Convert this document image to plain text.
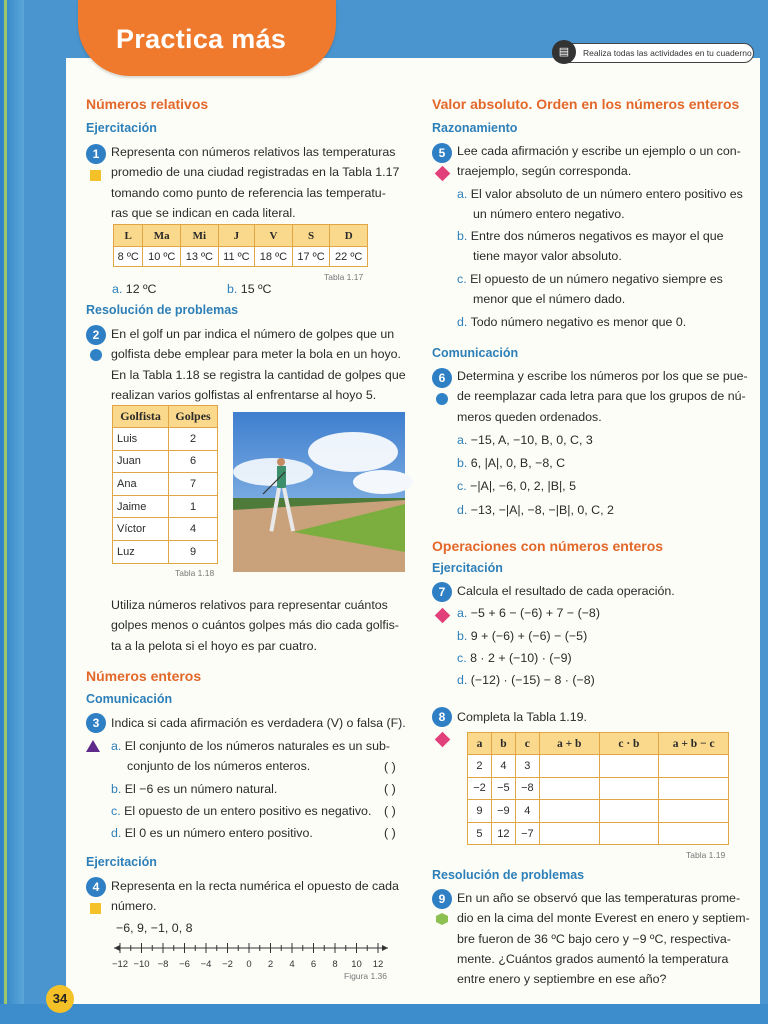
Practica más	Realiza todas las actividades en tu cuaderno
▤
Números relativos
Ejercitación
1 Representa con números relativos las temperaturas
promedio de una ciudad registradas en la Tabla 1.17
tomando como punto de referencia las temperatu-
ras que se indican en cada literal.
L	Ma	Mi	J	V	S	D
8 ºC	10 ºC	13 ºC	11 ºC	18 ºC	17 ºC	22 ºC
Tabla 1.17
a. 12 ºC	b. 15 ºC
Resolución de problemas
2 En el golf un par indica el número de golpes que un
golfista debe emplear para meter la bola en un hoyo.
En la Tabla 1.18 se registra la cantidad de golpes que
realizan varios golfistas al enfrentarse al hoyo 5.
Golfista	Golpes
Luis	2
Juan	6
Ana	7
Jaime	1
Víctor	4
Luz	9
Tabla 1.18
Utiliza números relativos para representar cuántos
golpes menos o cuántos golpes más dio cada golfis-
ta a la pelota si el hoyo es par cuatro.
Números enteros
Comunicación
3 Indica si cada afirmación es verdadera (V) o falsa (F).
a. El conjunto de los números naturales es un sub-
conjunto de los números enteros.
b. El −6 es un número natural.
c. El opuesto de un entero positivo es negativo.
d. El 0 es un número entero positivo.
( )
( )
( )
( )
Ejercitación
4 Representa en la recta numérica el opuesto de cada
número.
−6, 9, −1, 0, 8
−12 −10 −8 −6 −4 −2 0 2 4 6 8 10 12
Figura 1.36
Valor absoluto. Orden en los números enteros
Razonamiento
5 Lee cada afirmación y escribe un ejemplo o un con-
traejemplo, según corresponda.
a. El valor absoluto de un número entero positivo es
un número entero negativo.
b. Entre dos números negativos es mayor el que
tiene mayor valor absoluto.
c. El opuesto de un número negativo siempre es
menor que el número dado.
d. Todo número negativo es menor que 0.
Comunicación
6 Determina y escribe los números por los que se pue-
de reemplazar cada letra para que los grupos de nú-
meros queden ordenados.
a. −15, A, −10, B, 0, C, 3
b. 6, |A|, 0, B, −8, C
c. −|A|, −6, 0, 2, |B|, 5
d. −13, −|A|, −8, −|B|, 0, C, 2
Operaciones con números enteros
Ejercitación
7 Calcula el resultado de cada operación.
a. −5 + 6 − (−6) + 7 − (−8)
b. 9 + (−6) + (−6) − (−5)
c. 8 · 2 + (−10) · (−9)
d. (−12) · (−15) − 8 · (−8)
8 Completa la Tabla 1.19.
a	b	c	a + b	c · b	a + b − c
2	4	3			
−2	−5	−8			
9	−9	4			
5	12	−7			
Tabla 1.19
Resolución de problemas
9 En un año se observó que las temperaturas prome-
dio en la cima del monte Everest en enero y septiem-
bre fueron de 36 ºC bajo cero y −9 ºC, respectiva-
mente. ¿Cuántos grados aumentó la temperatura
entre enero y septiembre en ese año?
34
